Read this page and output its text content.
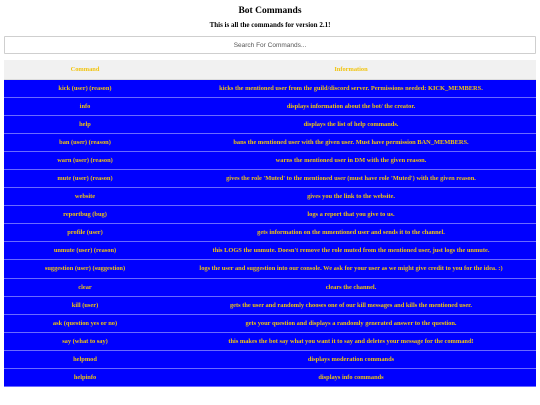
Bot Commands
This is all the commands for version 2.1!
Search For Commands...
Command	Information
kick (user) (reason)	kicks the mentioned user from the guild/discord server. Permissions needed: KICK_MEMBERS.
info	displays information about the bot/ the creator.
help	displays the list of help commands.
ban (user) (reason)	bans the mentioned user with the given user. Must have permission BAN_MEMBERS.
warn (user) (reason)	warns the mentioned user in DM with the given reason.
mute (user) (reason)	gives the role 'Muted' to the mentioned user (must have role 'Muted') with the given reason.
website	gives you the link to the website.
reportbug (bug)	logs a report that you give to us.
profile (user)	gets information on the mmentioned user and sends it to the channel.
unmute (user) (reason)	this LOGS the unmute. Doesn't remove the role muted from the mentioned user, just logs the unmute.
suggestion (user) (suggestion)	logs the user and suggestion into our console. We ask for your user as we might give credit to you for the idea. :)
clear	clears the channel.
kill (user)	gets the user and randomly chooses one of our kill messages and kills the mentioned user.
ask (question yes or no)	gets your question and displays a randomly generated answer to the question.
say (what to say)	this makes the bot say what you want it to say and deletes your message for the command!
helpmod	displays moderation commands
helpinfo	displays info commands
